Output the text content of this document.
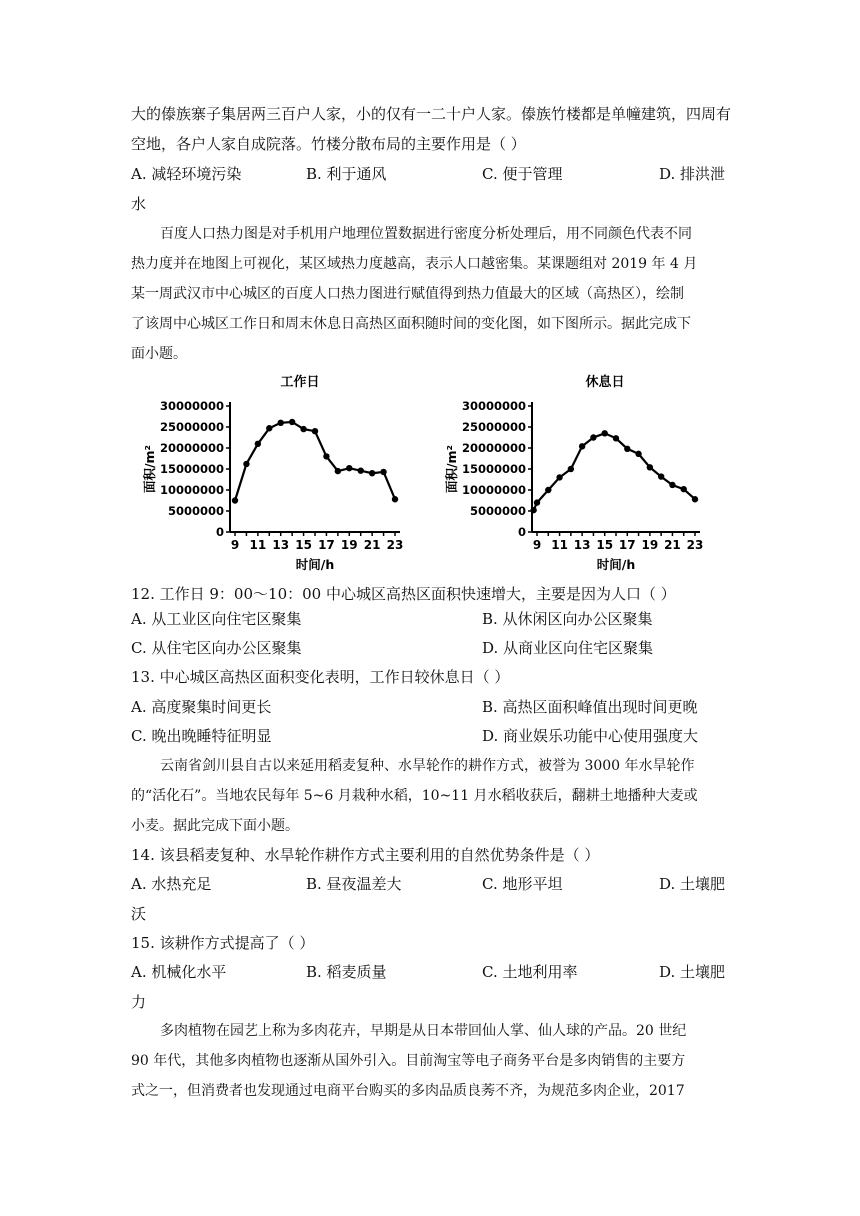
大的傣族寨子集居两三百户人家，小的仅有一二十户人家。傣族竹楼都是单幢建筑，四周有
空地，各户人家自成院落。竹楼分散布局的主要作用是（ ）
A. 减轻环境污染	B. 利于通风	C. 便于管理	D. 排洪泄
水
百度人口热力图是对手机用户地理位置数据进行密度分析处理后，用不同颜色代表不同
热力度并在地图上可视化，某区域热力度越高，表示人口越密集。某课题组对 2019 年 4 月
某一周武汉市中心城区的百度人口热力图进行赋值得到热力值最大的区域（高热区），绘制
了该周中心城区工作日和周末休息日高热区面积随时间的变化图，如下图所示。据此完成下
面小题。
工作日
0
5000000
10000000
15000000
20000000
25000000
30000000
9 11 13 15 17 19 21 23
时间/h
面积/m²
休息日
0
5000000
10000000
15000000
20000000
25000000
30000000
9 11 13 15 17 19 21 23
时间/h
面积/m²
12. 工作日 9：00～10：00 中心城区高热区面积快速增大，主要是因为人口（ ）
A. 从工业区向住宅区聚集	B. 从休闲区向办公区聚集
C. 从住宅区向办公区聚集	D. 从商业区向住宅区聚集
13. 中心城区高热区面积变化表明，工作日较休息日（ ）
A. 高度聚集时间更长	B. 高热区面积峰值出现时间更晚
C. 晚出晚睡特征明显	D. 商业娱乐功能中心使用强度大
云南省剑川县自古以来延用稻麦复种、水旱轮作的耕作方式，被誉为 3000 年水旱轮作
的“活化石”。当地农民每年 5~6 月栽种水稻，10~11 月水稻收获后，翻耕土地播种大麦或
小麦。据此完成下面小题。
14. 该县稻麦复种、水旱轮作耕作方式主要利用的自然优势条件是（ ）
A. 水热充足	B. 昼夜温差大	C. 地形平坦	D. 土壤肥
沃
15. 该耕作方式提高了（ ）
A. 机械化水平	B. 稻麦质量	C. 土地利用率	D. 土壤肥
力
多肉植物在园艺上称为多肉花卉，早期是从日本带回仙人掌、仙人球的产品。20 世纪
90 年代，其他多肉植物也逐渐从国外引入。目前淘宝等电子商务平台是多肉销售的主要方
式之一，但消费者也发现通过电商平台购买的多肉品质良莠不齐，为规范多肉企业，2017
